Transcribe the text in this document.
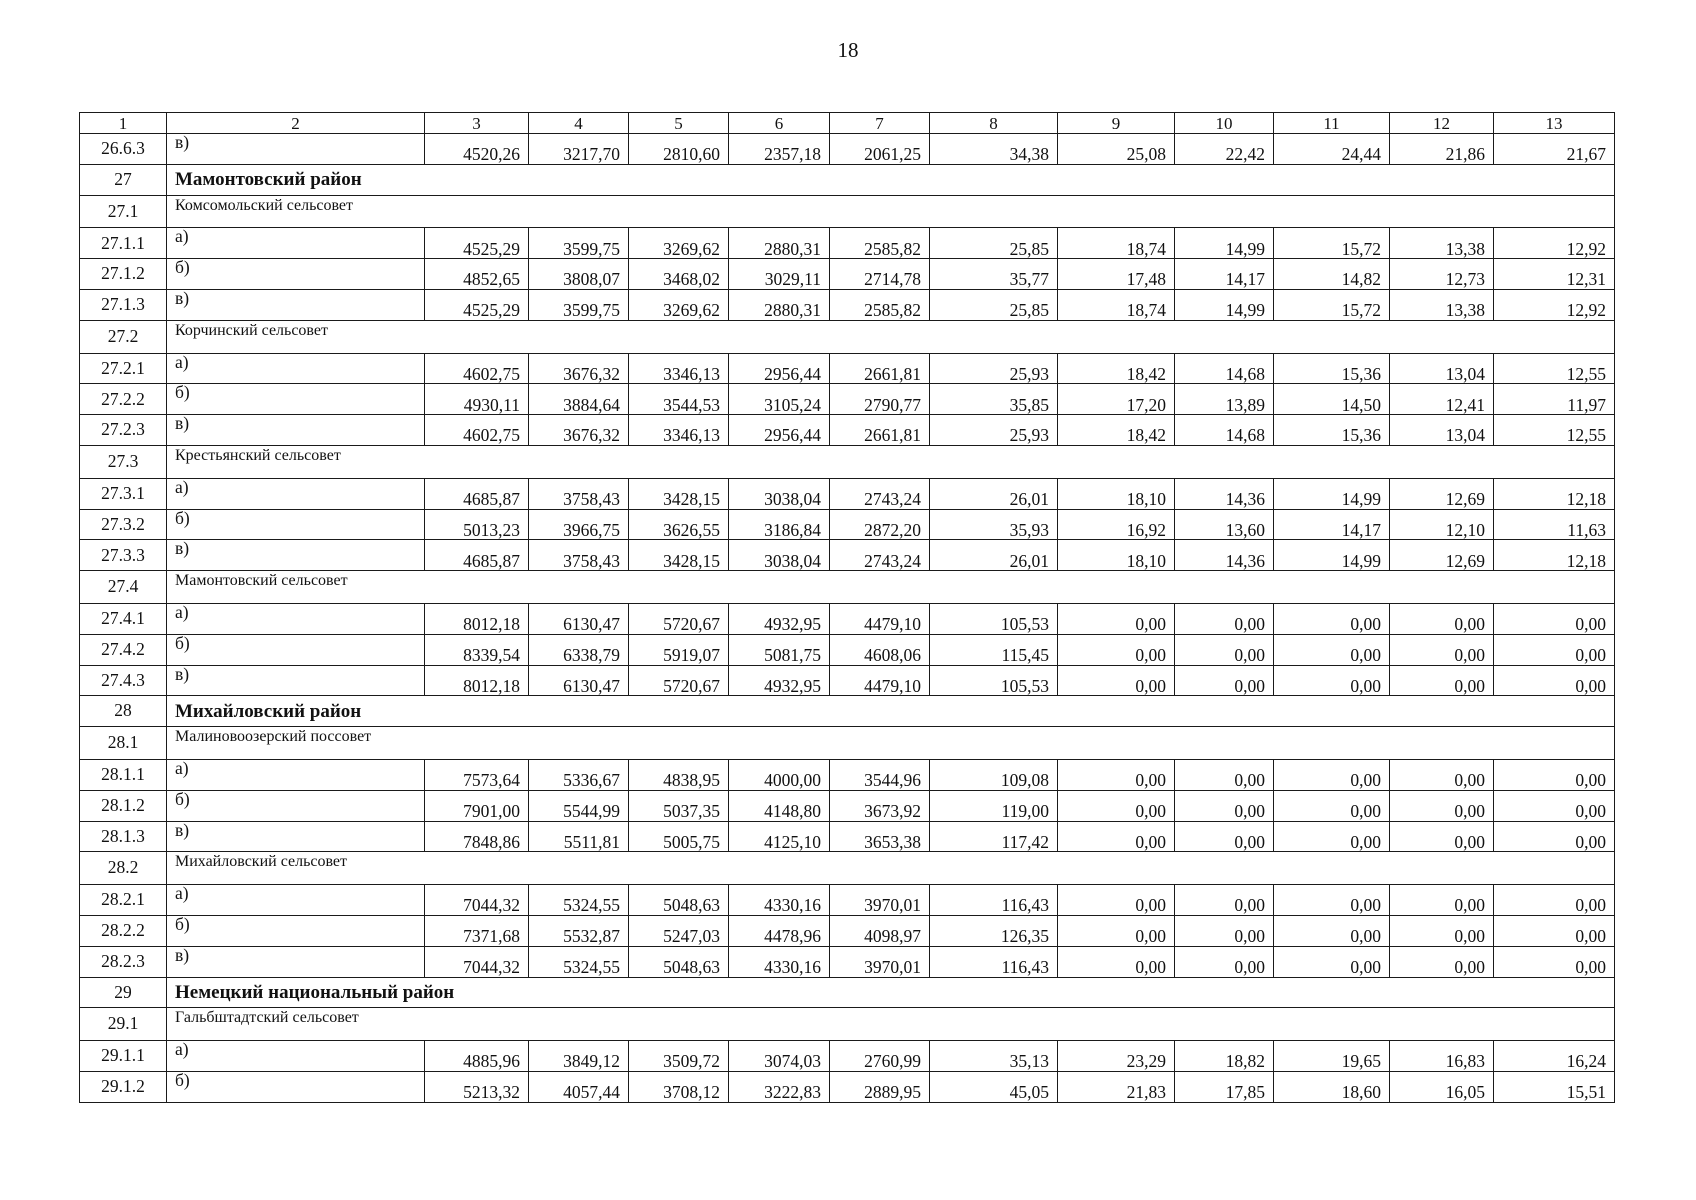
18
1	2	3	4	5	6	7	8	9	10	11	12	13
26.6.3	в)	4520,26	3217,70	2810,60	2357,18	2061,25	34,38	25,08	22,42	24,44	21,86	21,67
27	Мамонтовский район											
27.1	Комсомольский сельсовет											
27.1.1	а)	4525,29	3599,75	3269,62	2880,31	2585,82	25,85	18,74	14,99	15,72	13,38	12,92
27.1.2	б)	4852,65	3808,07	3468,02	3029,11	2714,78	35,77	17,48	14,17	14,82	12,73	12,31
27.1.3	в)	4525,29	3599,75	3269,62	2880,31	2585,82	25,85	18,74	14,99	15,72	13,38	12,92
27.2	Корчинский сельсовет											
27.2.1	а)	4602,75	3676,32	3346,13	2956,44	2661,81	25,93	18,42	14,68	15,36	13,04	12,55
27.2.2	б)	4930,11	3884,64	3544,53	3105,24	2790,77	35,85	17,20	13,89	14,50	12,41	11,97
27.2.3	в)	4602,75	3676,32	3346,13	2956,44	2661,81	25,93	18,42	14,68	15,36	13,04	12,55
27.3	Крестьянский сельсовет											
27.3.1	а)	4685,87	3758,43	3428,15	3038,04	2743,24	26,01	18,10	14,36	14,99	12,69	12,18
27.3.2	б)	5013,23	3966,75	3626,55	3186,84	2872,20	35,93	16,92	13,60	14,17	12,10	11,63
27.3.3	в)	4685,87	3758,43	3428,15	3038,04	2743,24	26,01	18,10	14,36	14,99	12,69	12,18
27.4	Мамонтовский сельсовет											
27.4.1	а)	8012,18	6130,47	5720,67	4932,95	4479,10	105,53	0,00	0,00	0,00	0,00	0,00
27.4.2	б)	8339,54	6338,79	5919,07	5081,75	4608,06	115,45	0,00	0,00	0,00	0,00	0,00
27.4.3	в)	8012,18	6130,47	5720,67	4932,95	4479,10	105,53	0,00	0,00	0,00	0,00	0,00
28	Михайловский район											
28.1	Малиновоозерский поссовет											
28.1.1	а)	7573,64	5336,67	4838,95	4000,00	3544,96	109,08	0,00	0,00	0,00	0,00	0,00
28.1.2	б)	7901,00	5544,99	5037,35	4148,80	3673,92	119,00	0,00	0,00	0,00	0,00	0,00
28.1.3	в)	7848,86	5511,81	5005,75	4125,10	3653,38	117,42	0,00	0,00	0,00	0,00	0,00
28.2	Михайловский сельсовет											
28.2.1	а)	7044,32	5324,55	5048,63	4330,16	3970,01	116,43	0,00	0,00	0,00	0,00	0,00
28.2.2	б)	7371,68	5532,87	5247,03	4478,96	4098,97	126,35	0,00	0,00	0,00	0,00	0,00
28.2.3	в)	7044,32	5324,55	5048,63	4330,16	3970,01	116,43	0,00	0,00	0,00	0,00	0,00
29	Немецкий национальный район											
29.1	Гальбштадтский сельсовет											
29.1.1	а)	4885,96	3849,12	3509,72	3074,03	2760,99	35,13	23,29	18,82	19,65	16,83	16,24
29.1.2	б)	5213,32	4057,44	3708,12	3222,83	2889,95	45,05	21,83	17,85	18,60	16,05	15,51
